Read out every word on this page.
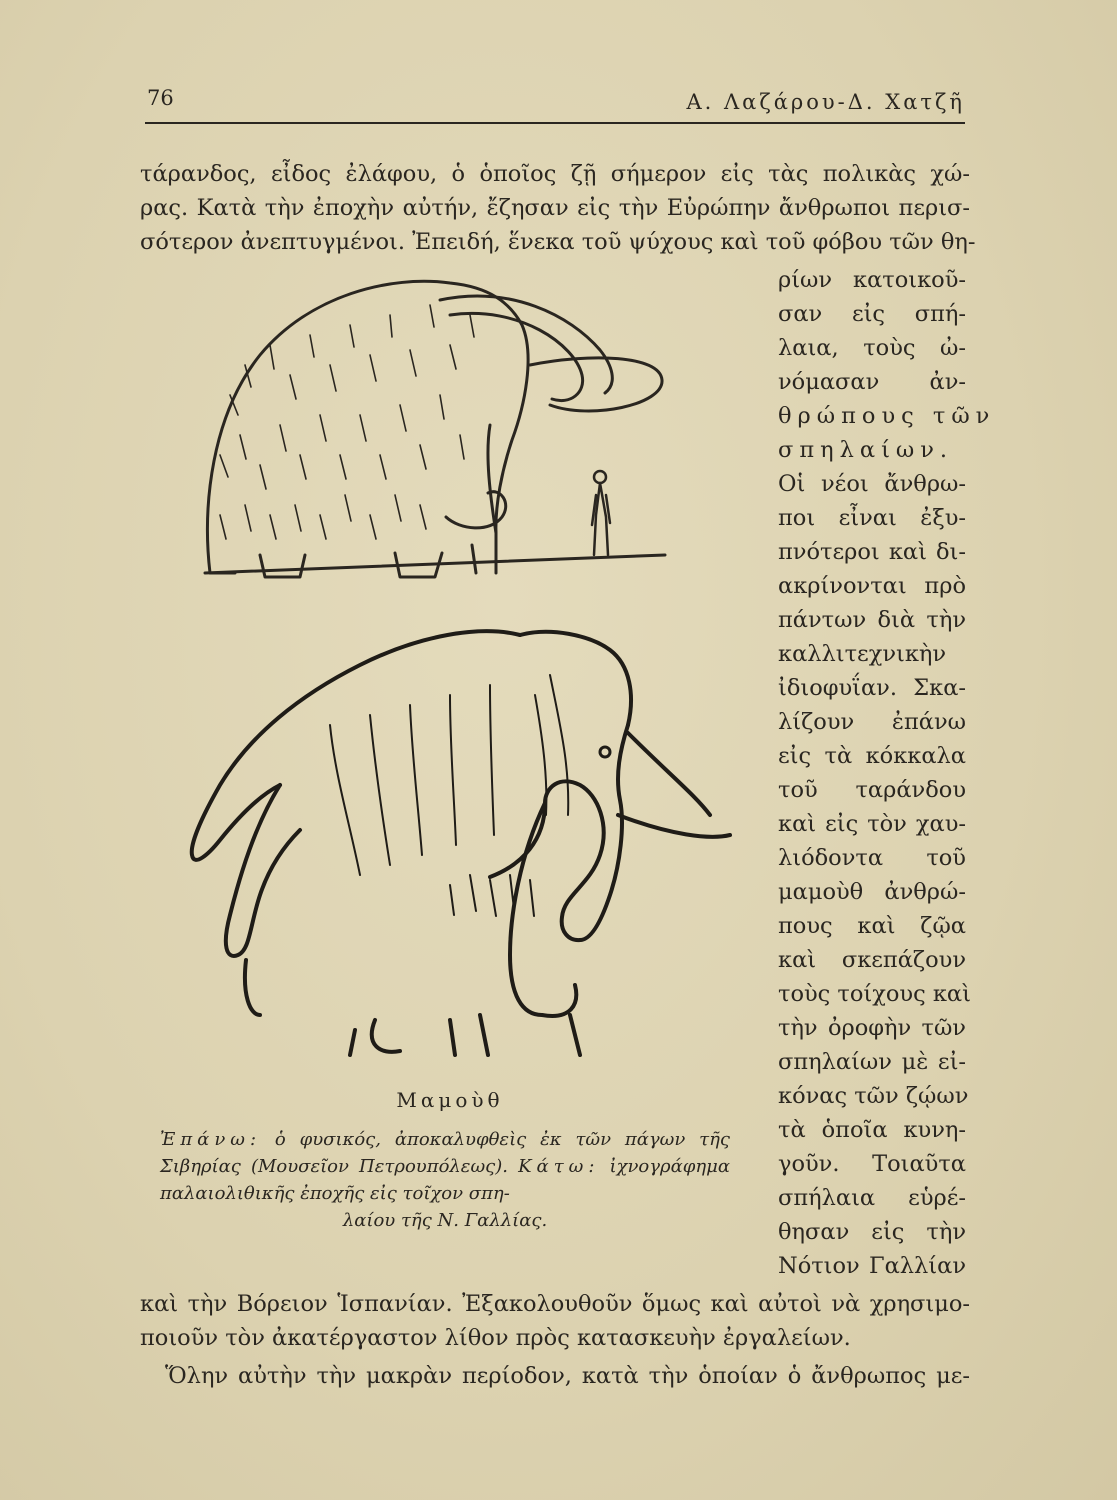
76	Α. Λαζάρου-Δ. Χατζῆ
τάρανδος, εἶδος ἐλάφου, ὁ ὁποῖος ζῇ σήμερον εἰς τὰς πολικὰς χώ-
ρας. Κατὰ τὴν ἐποχὴν αὐτήν, ἔζησαν εἰς τὴν Εὐρώπην ἄνθρωποι περισ-
σότερον ἀνεπτυγμένοι. Ἐπειδή, ἕνεκα τοῦ ψύχους καὶ τοῦ φόβου τῶν θη-
ρίων κατοικοῦ-
σαν εἰς σπή-
λαια, τοὺς ὠ-
νόμασαν ἀν-
θρώπους τῶν
σπηλαίων.
Οἱ νέοι ἄνθρω-
ποι εἶναι ἐξυ-
πνότεροι καὶ δι-
ακρίνονται πρὸ
πάντων διὰ τὴν
καλλιτεχνικὴν
ἰδιοφυΐαν. Σκα-
λίζουν ἐπάνω
εἰς τὰ κόκκαλα
τοῦ ταράνδου
καὶ εἰς τὸν χαυ-
λιόδοντα τοῦ
μαμοὺθ ἀνθρώ-
πους καὶ ζῷα
καὶ σκεπάζουν
τοὺς τοίχους καὶ
τὴν ὀροφὴν τῶν
σπηλαίων μὲ εἰ-
κόνας τῶν ζῴων
τὰ ὁποῖα κυνη-
γοῦν. Τοιαῦτα
σπήλαια εὑρέ-
θησαν εἰς τὴν
Νότιον Γαλλίαν
Μαμοὺθ
Ἐπάνω: ὁ φυσικός, ἀποκαλυφθεὶς ἐκ τῶν πάγων τῆς Σιβηρίας (Μουσεῖον Πετρουπόλεως). Κάτω: ἰχνογράφημα παλαιολιθικῆς ἐποχῆς εἰς τοῖχον σπη-
λαίου τῆς Ν. Γαλλίας.
καὶ τὴν Βόρειον Ἱσπανίαν. Ἐξακολουθοῦν ὅμως καὶ αὐτοὶ νὰ χρησιμο-
ποιοῦν τὸν ἀκατέργαστον λίθον πρὸς κατασκευὴν ἐργαλείων.
Ὅλην αὐτὴν τὴν μακρὰν περίοδον, κατὰ τὴν ὁποίαν ὁ ἄνθρωπος με-
